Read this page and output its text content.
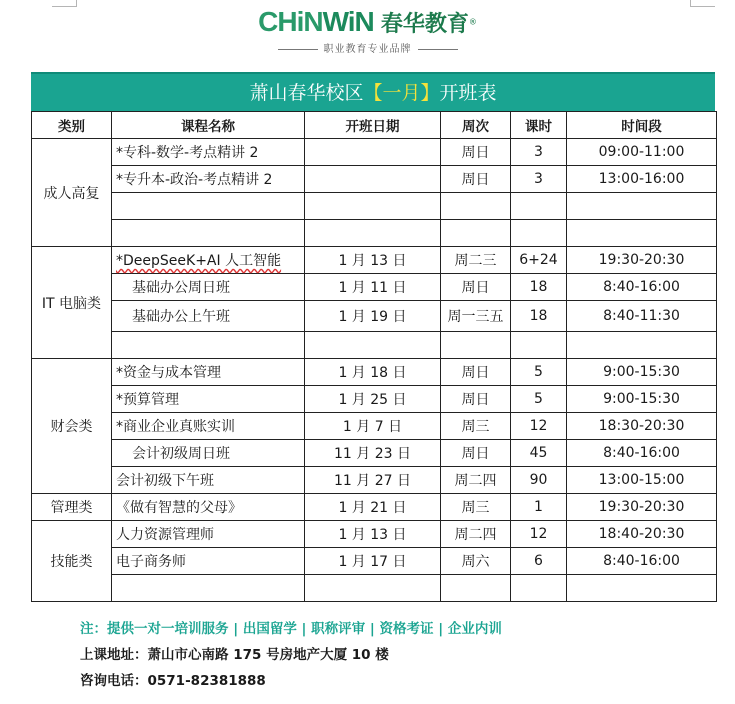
CHiNWiN 春华教育®
职业教育专业品牌
萧山春华校区【一月】开班表
类别	课程名称	开班日期	周次	课时	时间段
成人高复	*专科-数学-考点精讲 2		周日	3	09:00-11:00
	*专升本-政治-考点精讲 2		周日	3	13:00-16:00

IT 电脑类	*DeepSeeK+AI 人工智能	1 月 13 日	周二三	6+24	19:30-20:30
	基础办公周日班	1 月 11 日	周日	18	8:40-16:00
	基础办公上午班	1 月 19 日	周一三五	18	8:40-11:30

财会类	*资金与成本管理	1 月 18 日	周日	5	9:00-15:30
	*预算管理	1 月 25 日	周日	5	9:00-15:30
	*商业企业真账实训	1 月 7 日	周三	12	18:30-20:30
	会计初级周日班	11 月 23 日	周日	45	8:40-16:00
	会计初级下午班	11 月 27 日	周二四	90	13:00-15:00
管理类	《做有智慧的父母》	1 月 21 日	周三	1	19:30-20:30
技能类	人力资源管理师	1 月 13 日	周二四	12	18:40-20:30
	电子商务师	1 月 17 日	周六	6	8:40-16:00

注：提供一对一培训服务 | 出国留学 | 职称评审 | 资格考证 | 企业内训
上课地址：萧山市心南路 175 号房地产大厦 10 楼
咨询电话：0571-82381888
